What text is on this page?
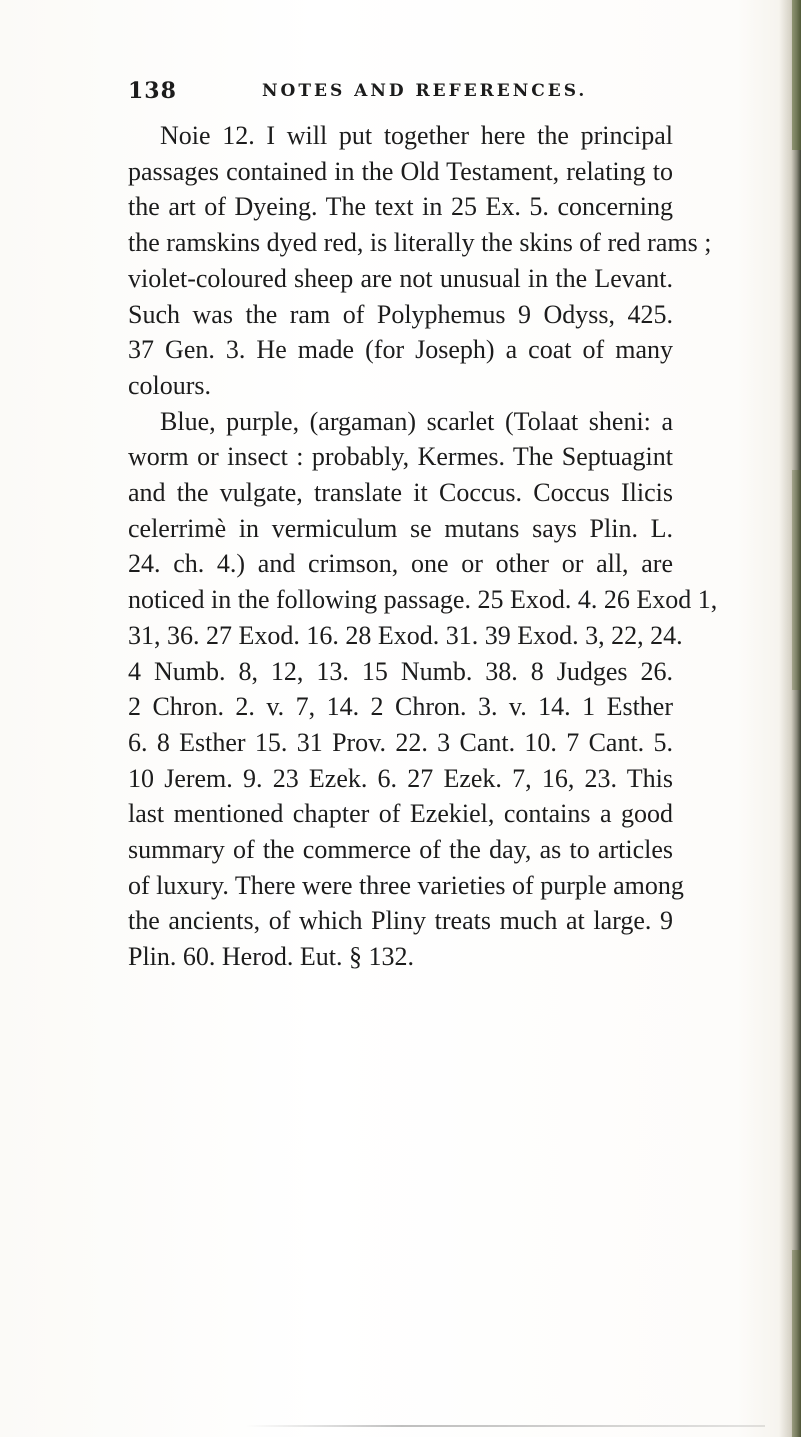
138	NOTES AND REFERENCES.
Noie 12. I will put together here the principal
passages contained in the Old Testament, relating to
the art of Dyeing. The text in 25 Ex. 5. concerning
the ramskins dyed red, is literally the skins of red rams ;
violet-coloured sheep are not unusual in the Levant.
Such was the ram of Polyphemus 9 Odyss, 425.
37 Gen. 3. He made (for Joseph) a coat of many
colours.
Blue, purple, (argaman) scarlet (Tolaat sheni: a
worm or insect : probably, Kermes. The Septuagint
and the vulgate, translate it Coccus. Coccus Ilicis
celerrimè in vermiculum se mutans says Plin. L.
24. ch. 4.) and crimson, one or other or all, are
noticed in the following passage. 25 Exod. 4. 26 Exod 1,
31, 36. 27 Exod. 16. 28 Exod. 31. 39 Exod. 3, 22, 24.
4 Numb. 8, 12, 13. 15 Numb. 38. 8 Judges 26.
2 Chron. 2. v. 7, 14. 2 Chron. 3. v. 14. 1 Esther
6. 8 Esther 15. 31 Prov. 22. 3 Cant. 10. 7 Cant. 5.
10 Jerem. 9. 23 Ezek. 6. 27 Ezek. 7, 16, 23. This
last mentioned chapter of Ezekiel, contains a good
summary of the commerce of the day, as to articles
of luxury. There were three varieties of purple among
the ancients, of which Pliny treats much at large. 9
Plin. 60. Herod. Eut. § 132.
